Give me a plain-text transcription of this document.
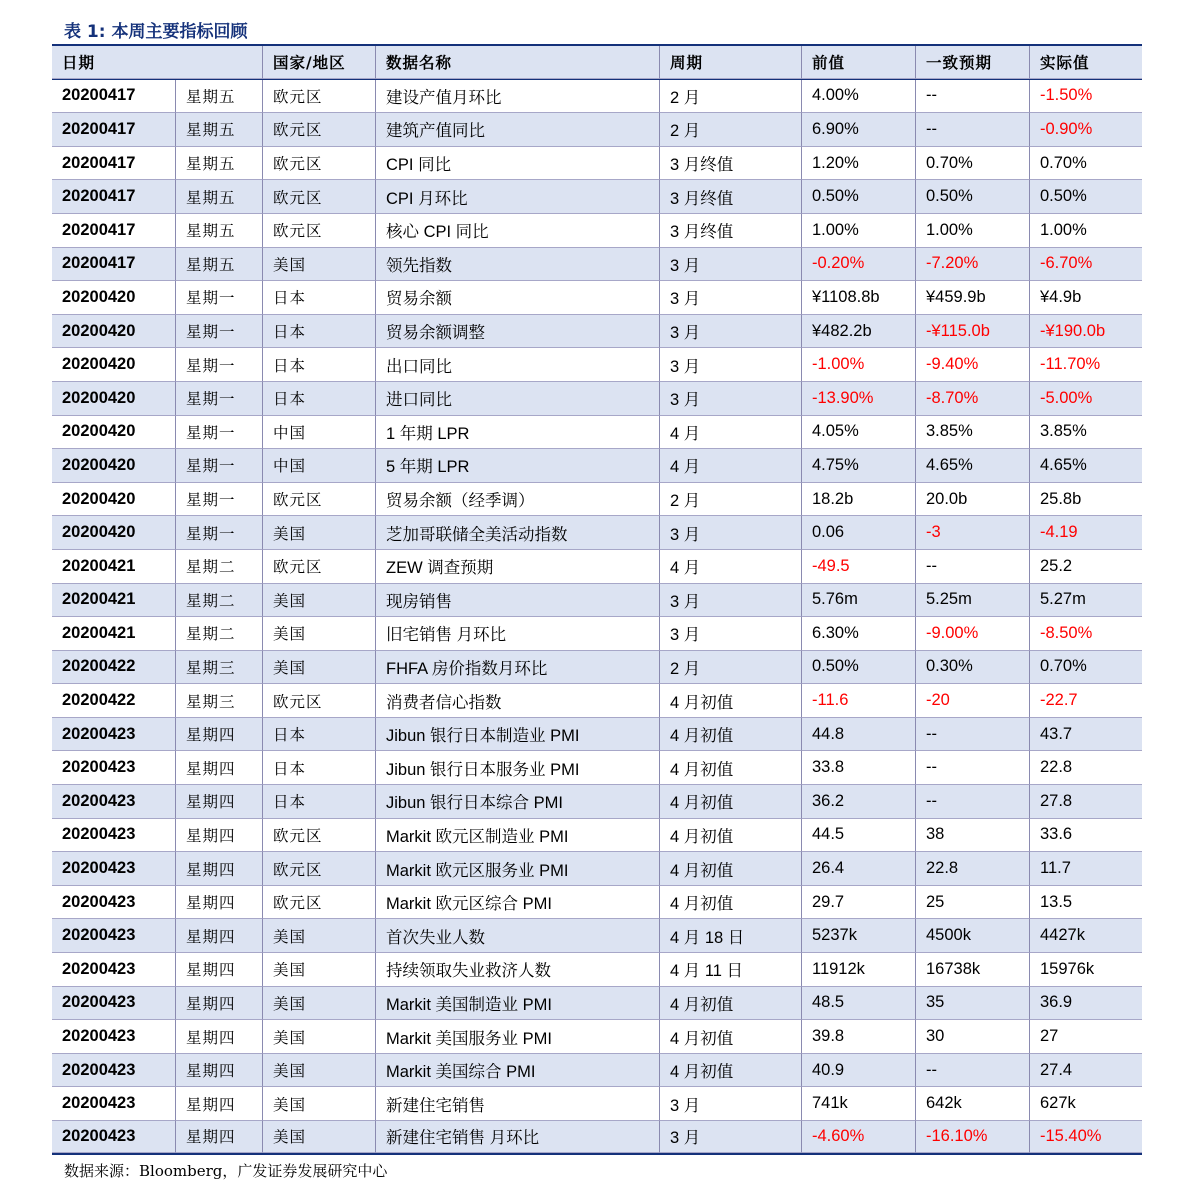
表 1: 本周主要指标回顾
日期	国家/地区	数据名称	周期	前值	一致预期	实际值
20200417	星期五	欧元区	建设产值月环比	2 月	4.00%	--	-1.50%
20200417	星期五	欧元区	建筑产值同比	2 月	6.90%	--	-0.90%
20200417	星期五	欧元区	CPI 同比	3 月终值	1.20%	0.70%	0.70%
20200417	星期五	欧元区	CPI 月环比	3 月终值	0.50%	0.50%	0.50%
20200417	星期五	欧元区	核心 CPI 同比	3 月终值	1.00%	1.00%	1.00%
20200417	星期五	美国	领先指数	3 月	-0.20%	-7.20%	-6.70%
20200420	星期一	日本	贸易余额	3 月	¥1108.8b	¥459.9b	¥4.9b
20200420	星期一	日本	贸易余额调整	3 月	¥482.2b	-¥115.0b	-¥190.0b
20200420	星期一	日本	出口同比	3 月	-1.00%	-9.40%	-11.70%
20200420	星期一	日本	进口同比	3 月	-13.90%	-8.70%	-5.00%
20200420	星期一	中国	1 年期 LPR	4 月	4.05%	3.85%	3.85%
20200420	星期一	中国	5 年期 LPR	4 月	4.75%	4.65%	4.65%
20200420	星期一	欧元区	贸易余额（经季调）	2 月	18.2b	20.0b	25.8b
20200420	星期一	美国	芝加哥联储全美活动指数	3 月	0.06	-3	-4.19
20200421	星期二	欧元区	ZEW 调查预期	4 月	-49.5	--	25.2
20200421	星期二	美国	现房销售	3 月	5.76m	5.25m	5.27m
20200421	星期二	美国	旧宅销售 月环比	3 月	6.30%	-9.00%	-8.50%
20200422	星期三	美国	FHFA 房价指数月环比	2 月	0.50%	0.30%	0.70%
20200422	星期三	欧元区	消费者信心指数	4 月初值	-11.6	-20	-22.7
20200423	星期四	日本	Jibun 银行日本制造业 PMI	4 月初值	44.8	--	43.7
20200423	星期四	日本	Jibun 银行日本服务业 PMI	4 月初值	33.8	--	22.8
20200423	星期四	日本	Jibun 银行日本综合 PMI	4 月初值	36.2	--	27.8
20200423	星期四	欧元区	Markit 欧元区制造业 PMI	4 月初值	44.5	38	33.6
20200423	星期四	欧元区	Markit 欧元区服务业 PMI	4 月初值	26.4	22.8	11.7
20200423	星期四	欧元区	Markit 欧元区综合 PMI	4 月初值	29.7	25	13.5
20200423	星期四	美国	首次失业人数	4 月 18 日	5237k	4500k	4427k
20200423	星期四	美国	持续领取失业救济人数	4 月 11 日	11912k	16738k	15976k
20200423	星期四	美国	Markit 美国制造业 PMI	4 月初值	48.5	35	36.9
20200423	星期四	美国	Markit 美国服务业 PMI	4 月初值	39.8	30	27
20200423	星期四	美国	Markit 美国综合 PMI	4 月初值	40.9	--	27.4
20200423	星期四	美国	新建住宅销售	3 月	741k	642k	627k
20200423	星期四	美国	新建住宅销售 月环比	3 月	-4.60%	-16.10%	-15.40%
数据来源：Bloomberg，广发证券发展研究中心
